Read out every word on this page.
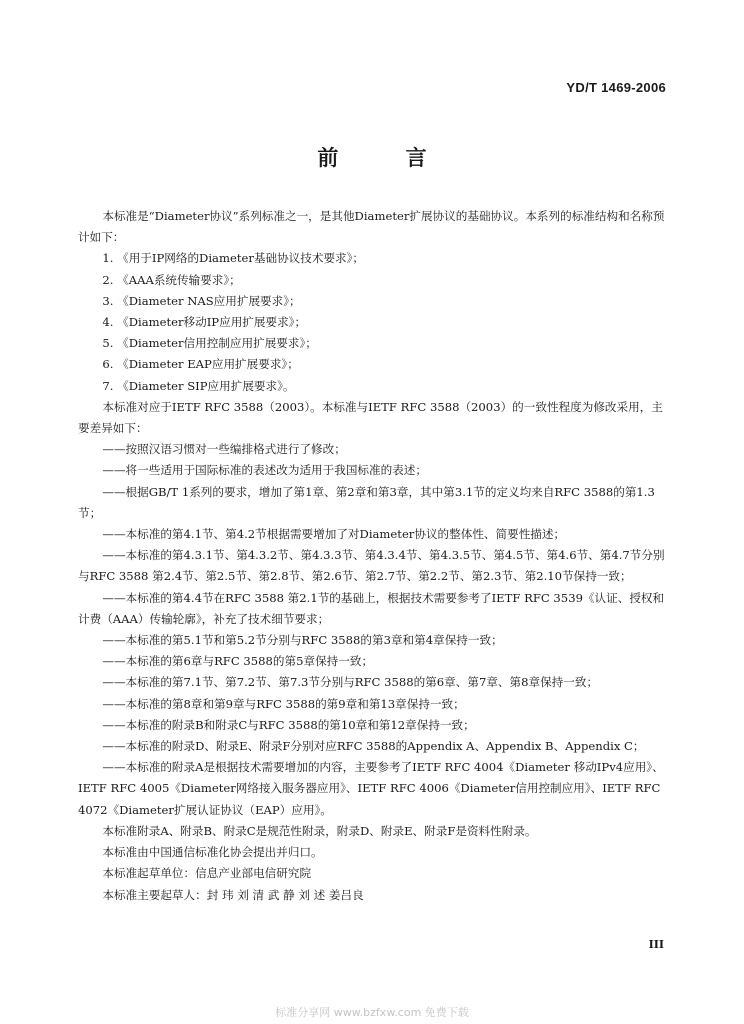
YD/T 1469-2006
前 言

本标准是“Diameter协议”系列标准之一，是其他Diameter扩展协议的基础协议。本系列的标准结构和名称预计如下：

1. 《用于IP网络的Diameter基础协议技术要求》；

2. 《AAA系统传输要求》；

3. 《Diameter NAS应用扩展要求》；

4. 《Diameter移动IP应用扩展要求》；

5. 《Diameter信用控制应用扩展要求》；

6. 《Diameter EAP应用扩展要求》；

7. 《Diameter SIP应用扩展要求》。

本标准对应于IETF RFC 3588（2003）。本标准与IETF RFC 3588（2003）的一致性程度为修改采用，主要差异如下：

——按照汉语习惯对一些编排格式进行了修改；

——将一些适用于国际标准的表述改为适用于我国标准的表述；

——根据GB/T 1系列的要求，增加了第1章、第2章和第3章，其中第3.1节的定义均来自RFC 3588的第1.3节；

——本标准的第4.1节、第4.2节根据需要增加了对Diameter协议的整体性、简要性描述；

——本标准的第4.3.1节、第4.3.2节、第4.3.3节、第4.3.4节、第4.3.5节、第4.5节、第4.6节、第4.7节分别与RFC 3588 第2.4节、第2.5节、第2.8节、第2.6节、第2.7节、第2.2节、第2.3节、第2.10节保持一致；

——本标准的第4.4节在RFC 3588 第2.1节的基础上，根据技术需要参考了IETF RFC 3539《认证、授权和计费（AAA）传输轮廓》，补充了技术细节要求；

——本标准的第5.1节和第5.2节分别与RFC 3588的第3章和第4章保持一致；

——本标准的第6章与RFC 3588的第5章保持一致；

——本标准的第7.1节、第7.2节、第7.3节分别与RFC 3588的第6章、第7章、第8章保持一致；

——本标准的第8章和第9章与RFC 3588的第9章和第13章保持一致；

——本标准的附录B和附录C与RFC 3588的第10章和第12章保持一致；

——本标准的附录D、附录E、附录F分别对应RFC 3588的Appendix A、Appendix B、Appendix C；

——本标准的附录A是根据技术需要增加的内容，主要参考了IETF RFC 4004《Diameter 移动IPv4应用》、IETF RFC 4005《Diameter网络接入服务器应用》、IETF RFC 4006《Diameter信用控制应用》、IETF RFC 4072《Diameter扩展认证协议（EAP）应用》。

本标准附录A、附录B、附录C是规范性附录，附录D、附录E、附录F是资料性附录。

本标准由中国通信标准化协会提出并归口。

本标准起草单位：信息产业部电信研究院

本标准主要起草人：封 玮 刘 清 武 静 刘 述 姜吕良

III
标准分享网 www.bzfxw.com 免费下载
